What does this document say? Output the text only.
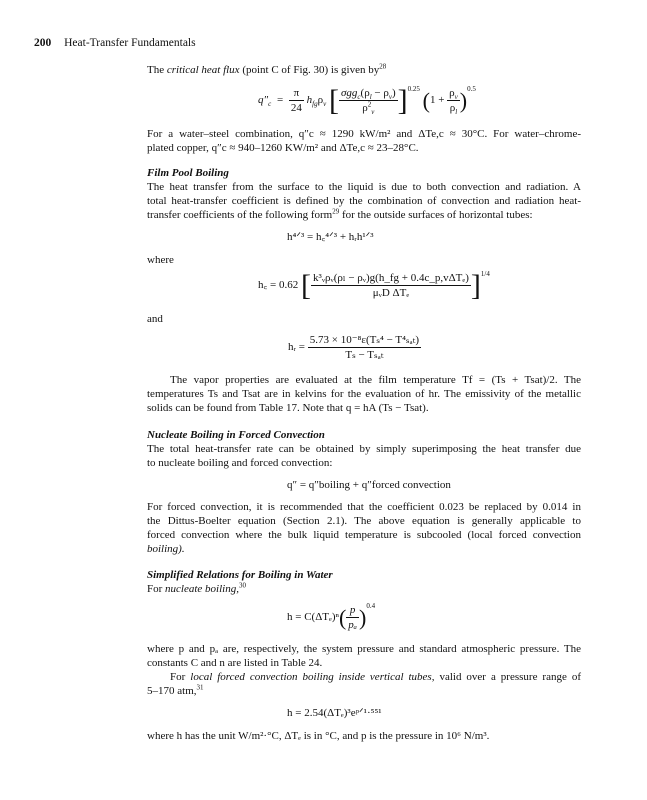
200 Heat-Transfer Fundamentals
The critical heat flux (point C of Fig. 30) is given $by^{28}$
$q''_c = \frac{\pi}{24} h_{fg}\rho_v$ [ $\frac{\sigma gg_c(\rho_l - \rho_v)}{\rho^2_v} ]0.25$ $(1 + \frac{\rho_v}{\rho_l} )0.5$
For a water–steel combination, q″c ≈ 1290 kW/m² and ΔTe,c ≈ 30°C. For water–chrome-
plated copper, q″c ≈ 940–1260 KW/m² and ΔTe,c ≈ 23–28°C.
Film Pool Boiling
The heat transfer from the surface to the liquid is due to both convection and radiation. A
total heat-transfer coefficient is defined by the combination of convection and radiation heat-
transfer coefficients of the following form$^{29}$ for the outside surfaces of horizontal tubes:
h⁴ᐟ³ = h꜀⁴ᐟ³ + hᵣh¹ᐟ³
where
h꜀ = 0.62 [ $\frac{\text{k³ᵥρᵥ(ρₗ − ρᵥ)g(h\_fg + 0.4c\_p,vΔTₑ)}}{\text{μᵥD ΔTₑ}} ]1/4$
and
hᵣ = $\frac{\text{5.73 × 10⁻⁸ε(Tₛ⁴ − T⁴ₛₐₜ)}}{\text{Tₛ − Tₛₐₜ}}$
The vapor properties are evaluated at the film temperature Tf = (Ts + Tsat)/2. The
temperatures Ts and Tsat are in kelvins for the evaluation of hr. The emissivity of the metallic
solids can be found from Table 17. Note that q = hA (Ts − Tsat).
Nucleate Boiling in Forced Convection
The total heat-transfer rate can be obtained by simply superimposing the heat transfer due
to nucleate boiling and forced convection:
q″ = q″boiling + q″forced convection
For forced convection, it is recommended that the coefficient 0.023 be replaced by 0.014 in
the Dittus-Boelter equation (Section 2.1). The above equation is generally applicable to
forced convection where the bulk liquid temperature is subcooled (local forced convection
boiling).
Simplified Relations for Boiling in Water
For nucleate boiling,$^{30}$
$h = C(\Delta T_e)^n( \frac{p}{\text{pₐ}} )0.4$
where p and pₐ are, respectively, the system pressure and standard atmospheric pressure. The
constants C and n are listed in Table 24.
For local forced convection boiling inside vertical tubes, valid over a pressure range of
5–170 atm,$^{31}$
h = 2.54(ΔTₑ)³eᵖᐟ¹·⁵⁵¹
where h has the unit W/m²·°C, ΔTₑ is in °C, and p is the pressure in 10⁶ N/m³.
